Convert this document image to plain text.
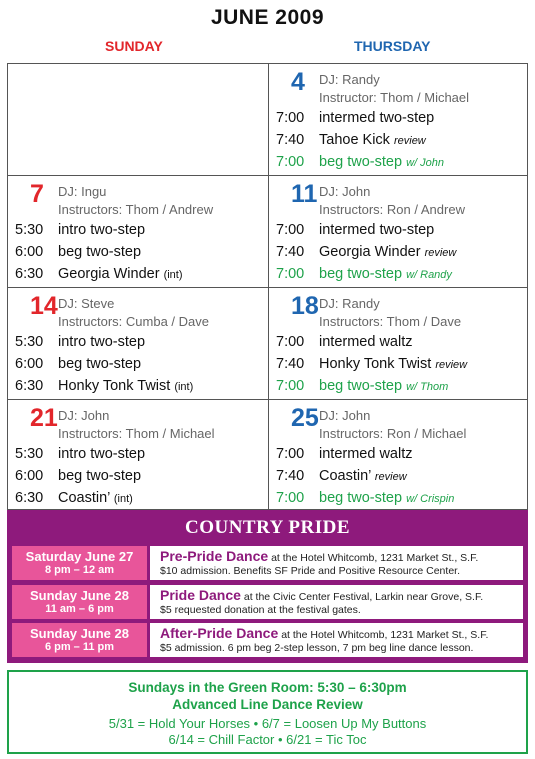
JUNE 2009
SUNDAY	THURSDAY
4 DJ: Randy
Instructor: Thom / Michael
7:00 intermed two-step
7:40 Tahoe Kick review
7:00 beg two-step w/ John
7 DJ: Ingu
Instructors: Thom / Andrew
5:30 intro two-step
6:00 beg two-step
6:30 Georgia Winder (int)
11 DJ: John
Instructors: Ron / Andrew
7:00 intermed two-step
7:40 Georgia Winder review
7:00 beg two-step w/ Randy
14 DJ: Steve
Instructors: Cumba / Dave
5:30 intro two-step
6:00 beg two-step
6:30 Honky Tonk Twist (int)
18 DJ: Randy
Instructors: Thom / Dave
7:00 intermed waltz
7:40 Honky Tonk Twist review
7:00 beg two-step w/ Thom
21 DJ: John
Instructors: Thom / Michael
5:30 intro two-step
6:00 beg two-step
6:30 Coastin’ (int)
25 DJ: John
Instructors: Ron / Michael
7:00 intermed waltz
7:40 Coastin’ review
7:00 beg two-step w/ Crispin
COUNTRY PRIDE
Saturday June 27
8 pm – 12 am
Pre-Pride Dance at the Hotel Whitcomb, 1231 Market St., S.F.
$10 admission. Benefits SF Pride and Positive Resource Center.
Sunday June 28
11 am – 6 pm
Pride Dance at the Civic Center Festival, Larkin near Grove, S.F.
$5 requested donation at the festival gates.
Sunday June 28
6 pm – 11 pm
After-Pride Dance at the Hotel Whitcomb, 1231 Market St., S.F.
$5 admission. 6 pm beg 2-step lesson, 7 pm beg line dance lesson.
Sundays in the Green Room: 5:30 – 6:30pm
Advanced Line Dance Review
5/31 = Hold Your Horses • 6/7 = Loosen Up My Buttons
6/14 = Chill Factor • 6/21 = Tic Toc
